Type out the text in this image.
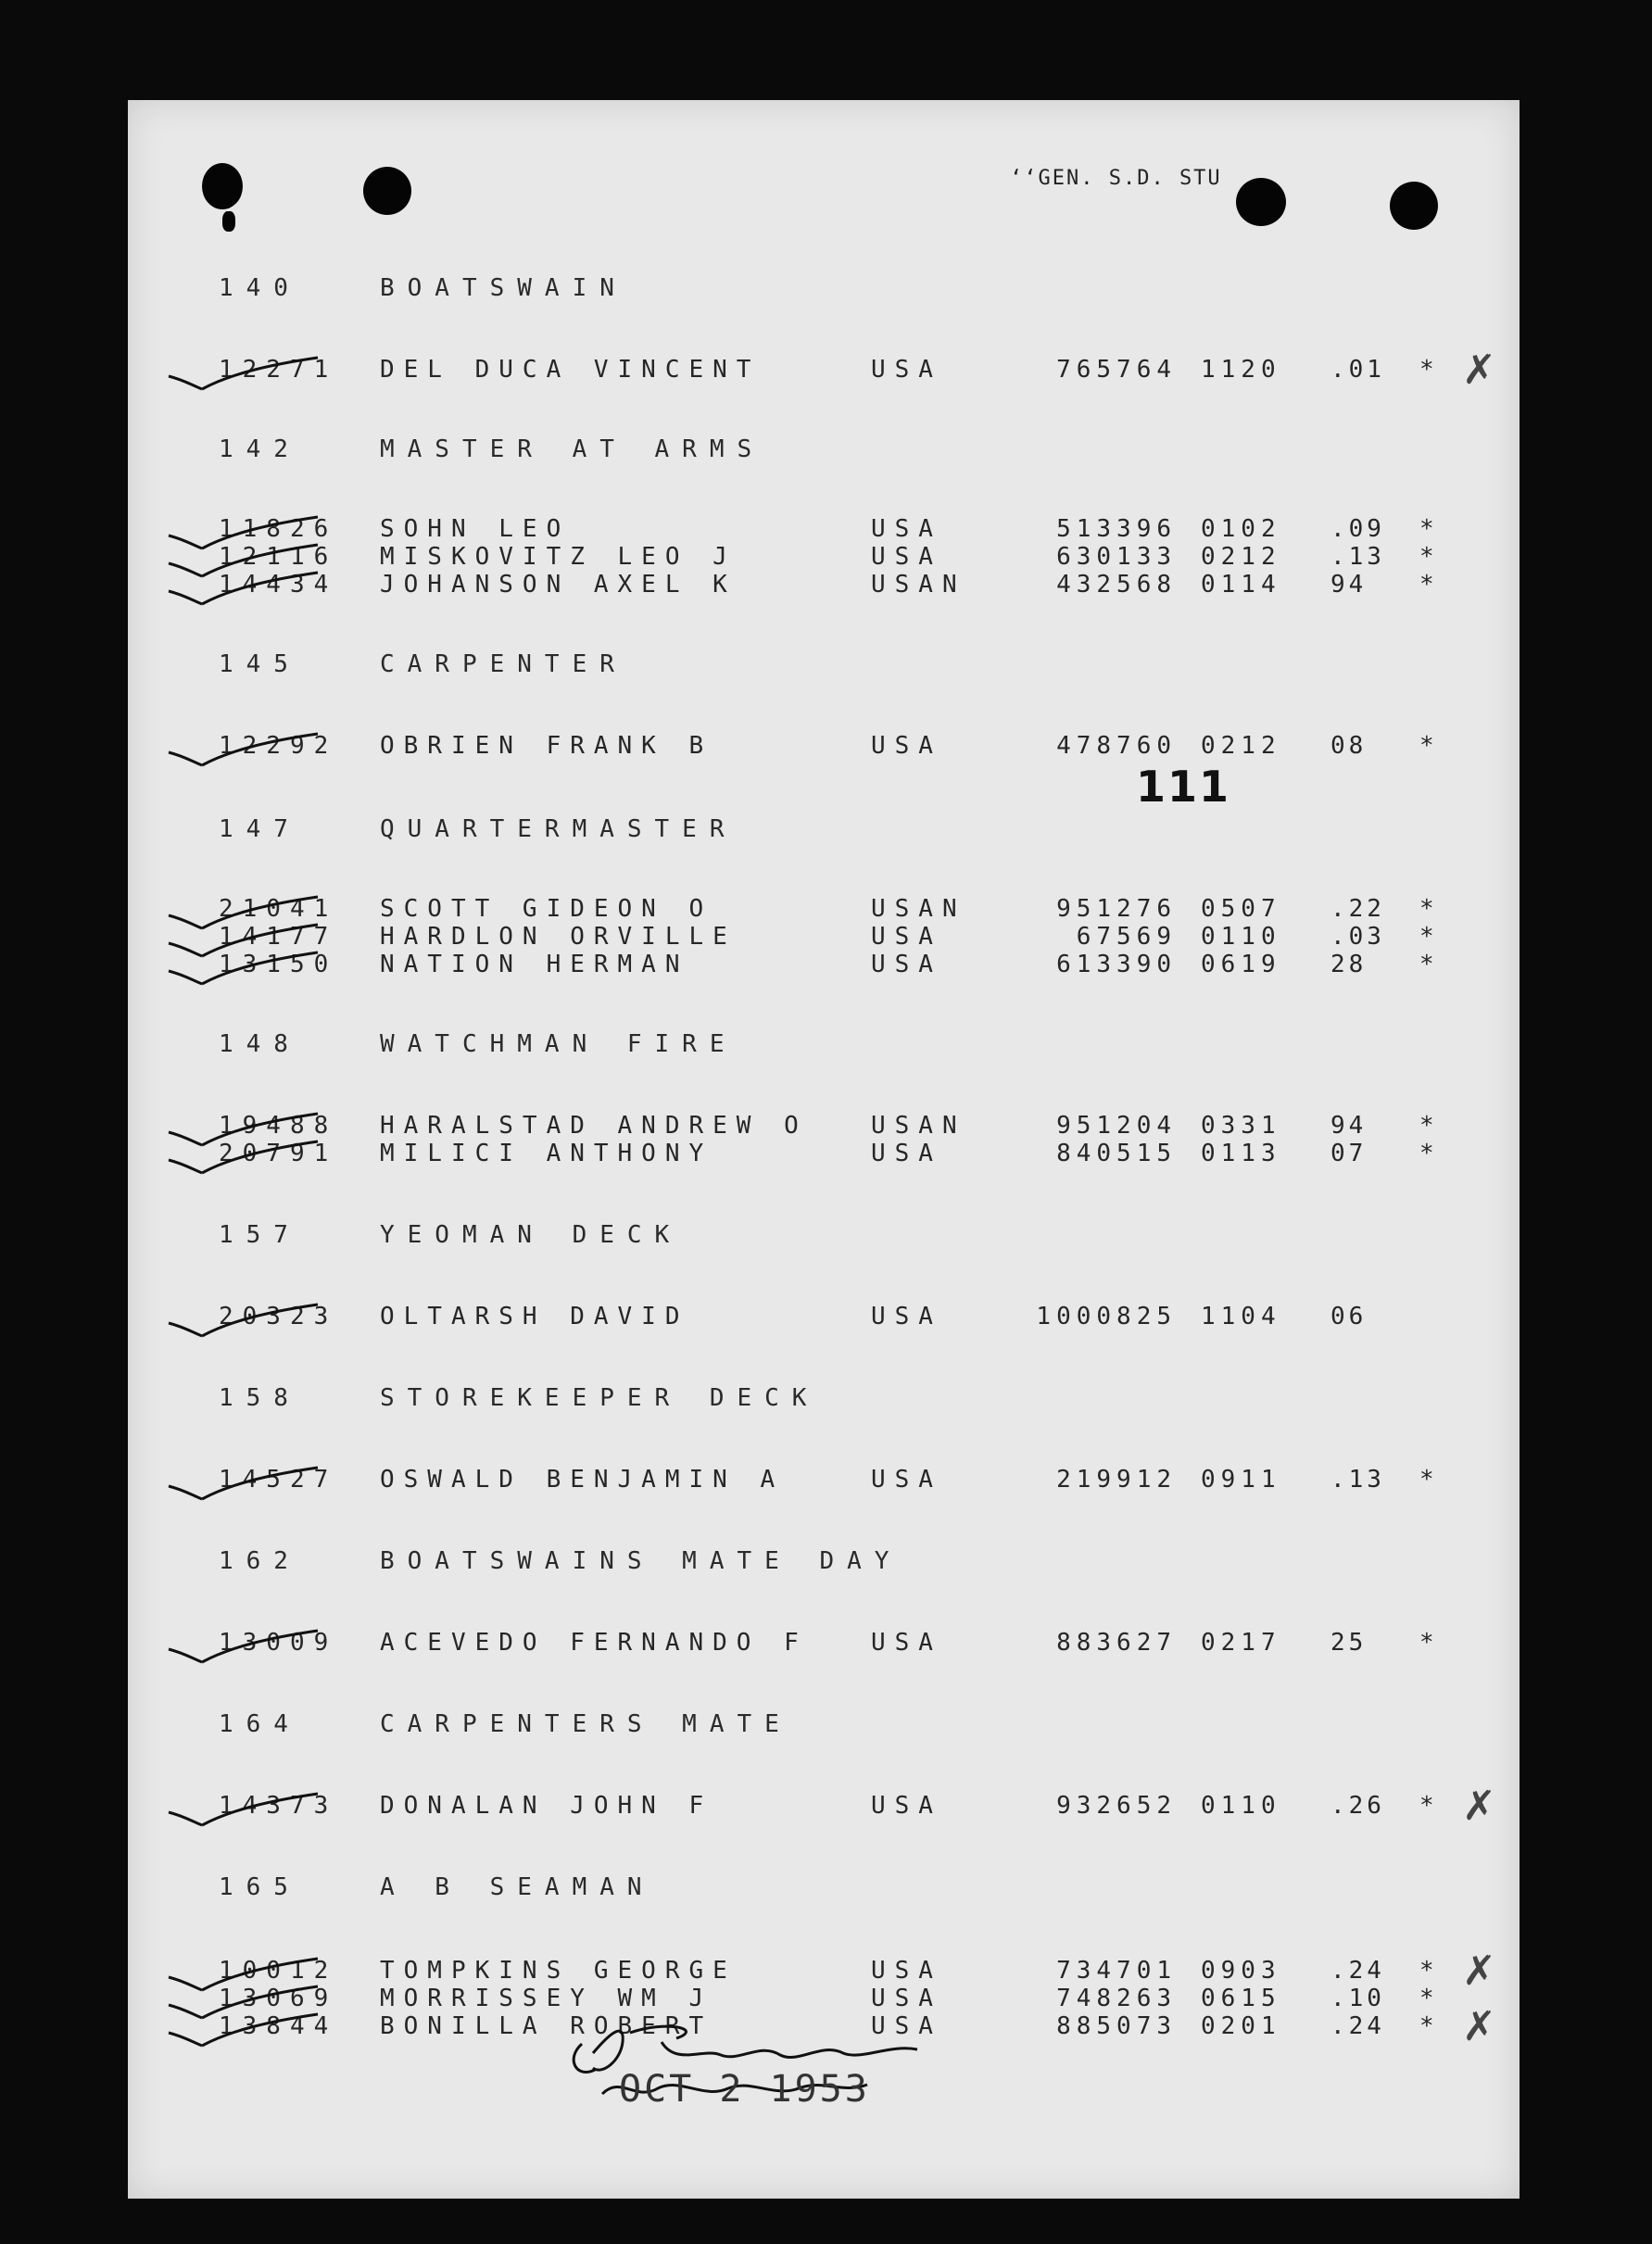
‘‘GEN. S.D. STU
111
140	BOATSWAIN
12271	DEL DUCA VINCENT	USA	765764 1120 .01 * ✗
142	MASTER AT ARMS
11826	SOHN LEO	USA	513396 0102 .09 *
12116	MISKOVITZ LEO J	USA	630133 0212 .13 *
14434	JOHANSON AXEL K	USAN	432568 0114 94 *
145	CARPENTER
12292	OBRIEN FRANK B	USA	478760 0212 08 *
147	QUARTERMASTER
21041	SCOTT GIDEON O	USAN	951276 0507 .22 *
14177	HARDLON ORVILLE	USA	67569 0110 .03 *
13150	NATION HERMAN	USA	613390 0619 28 *
148	WATCHMAN FIRE
19488	HARALSTAD ANDREW O	USAN	951204 0331 94 *
20791	MILICI ANTHONY	USA	840515 0113 07 *
157	YEOMAN DECK
20323	OLTARSH DAVID	USA	1000825 1104 06
158	STOREKEEPER DECK
14527	OSWALD BENJAMIN A	USA	219912 0911 .13 *
162	BOATSWAINS MATE DAY
13009	ACEVEDO FERNANDO F	USA	883627 0217 25 *
164	CARPENTERS MATE
14373	DONALAN JOHN F	USA	932652 0110 .26 * ✗
165	A B SEAMAN
10012	TOMPKINS GEORGE	USA	734701 0903 .24 * ✗
13069	MORRISSEY WM J	USA	748263 0615 .10 *
13844	BONILLA ROBERT	USA	885073 0201 .24 * ✗
OCT 2 1953
